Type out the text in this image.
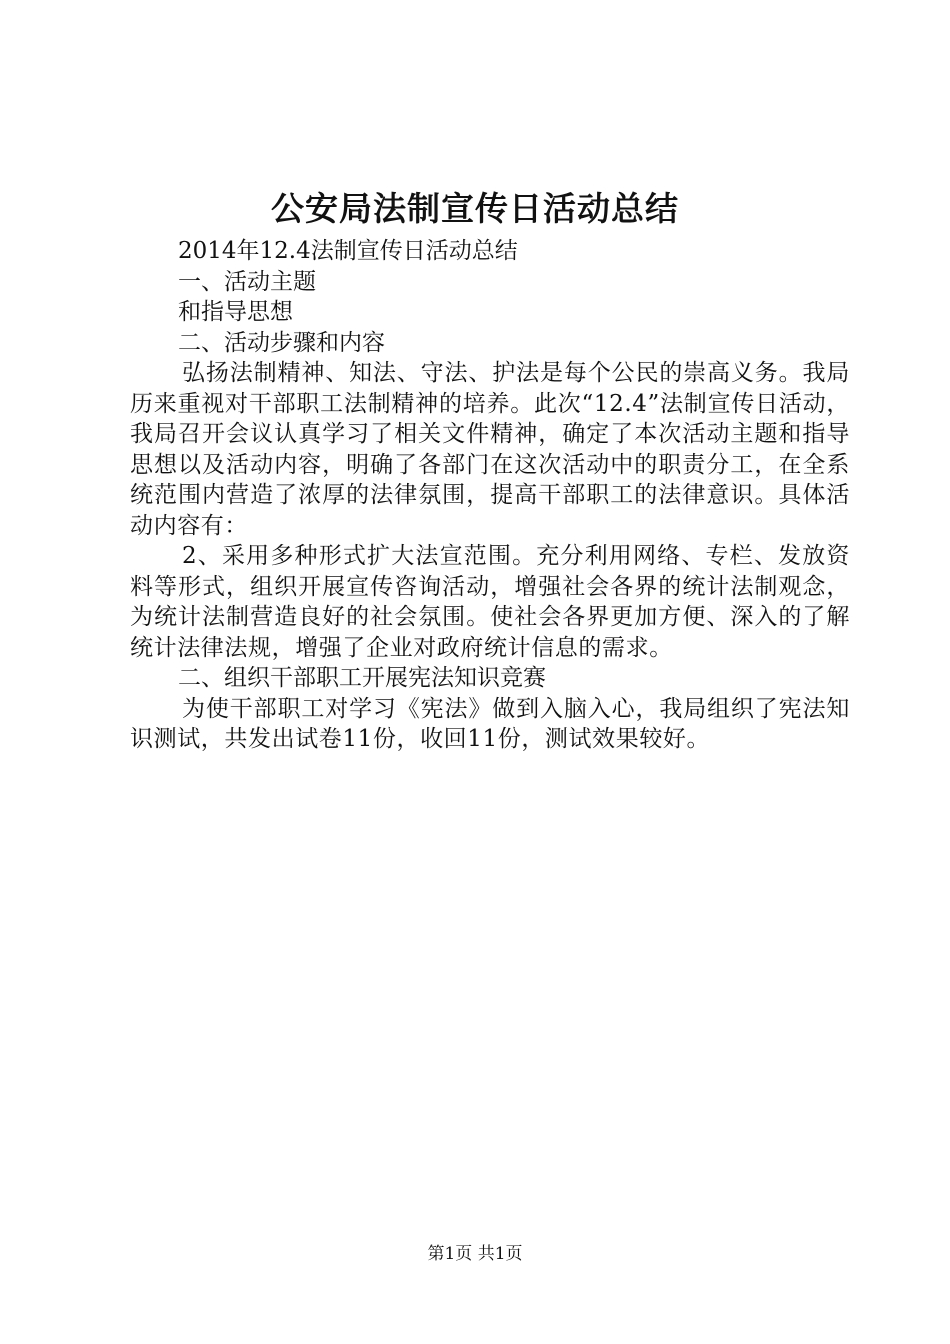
公安局法制宣传日活动总结
2014年12.4法制宣传日活动总结
一、活动主题
和指导思想
二、活动步骤和内容

弘扬法制精神、知法、守法、护法是每个公民的崇高义务。我局历来重视对干部职工法制精神的培养。此次“12.4”法制宣传日活动，我局召开会议认真学习了相关文件精神，确定了本次活动主题和指导思想以及活动内容，明确了各部门在这次活动中的职责分工，在全系统范围内营造了浓厚的法律氛围，提高干部职工的法律意识。具体活动内容有：

2、采用多种形式扩大法宣范围。充分利用网络、专栏、发放资料等形式，组织开展宣传咨询活动，增强社会各界的统计法制观念，为统计法制营造良好的社会氛围。使社会各界更加方便、深入的了解统计法律法规，增强了企业对政府统计信息的需求。

二、组织干部职工开展宪法知识竞赛

为使干部职工对学习《宪法》做到入脑入心，我局组织了宪法知识测试，共发出试卷11份，收回11份，测试效果较好。

第1页 共1页
